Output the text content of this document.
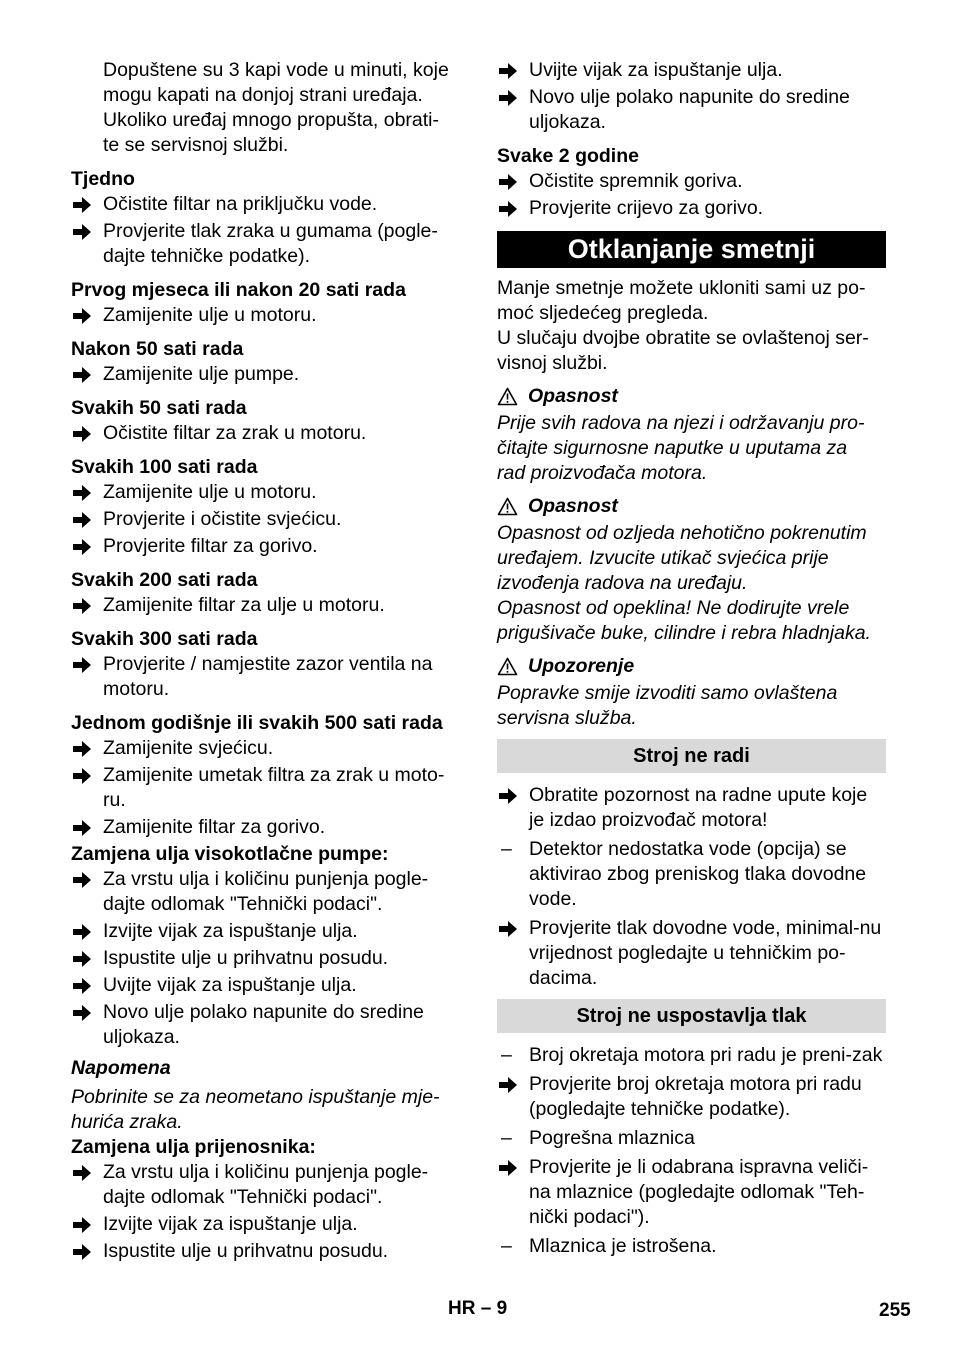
Dopuštene su 3 kapi vode u minuti, koje

mogu kapati na donjoj strani uređaja.

Ukoliko uređaj mnogo propušta, obrati-

te se servisnoj službi.

Tjedno

Očistite filtar na priključku vode.
Provjerite tlak zraka u gumama (pogle-dajte tehničke podatke).

Prvog mjeseca ili nakon 20 sati rada

Zamijenite ulje u motoru.

Nakon 50 sati rada

Zamijenite ulje pumpe.

Svakih 50 sati rada

Očistite filtar za zrak u motoru.

Svakih 100 sati rada

Zamijenite ulje u motoru.
Provjerite i očistite svjećicu.
Provjerite filtar za gorivo.

Svakih 200 sati rada

Zamijenite filtar za ulje u motoru.

Svakih 300 sati rada

Provjerite / namjestite zazor ventila na motoru.

Jednom godišnje ili svakih 500 sati rada

Zamijenite svjećicu.
Zamijenite umetak filtra za zrak u moto-ru.
Zamijenite filtar za gorivo.

Zamjena ulja visokotlačne pumpe:

Za vrstu ulja i količinu punjenja pogle-dajte odlomak "Tehnički podaci".
Izvijte vijak za ispuštanje ulja.
Ispustite ulje u prihvatnu posudu.
Uvijte vijak za ispuštanje ulja.
Novo ulje polako napunite do sredine uljokaza.

Napomena

Pobrinite se za neometano ispuštanje mje-

hurića zraka.

Zamjena ulja prijenosnika:

Za vrstu ulja i količinu punjenja pogle-dajte odlomak "Tehnički podaci".
Izvijte vijak za ispuštanje ulja.
Ispustite ulje u prihvatnu posudu.
Uvijte vijak za ispuštanje ulja.
Novo ulje polako napunite do sredine uljokaza.

Svake 2 godine

Očistite spremnik goriva.
Provjerite crijevo za gorivo.
Otklanjanje smetnji

Manje smetnje možete ukloniti sami uz po-

moć sljedećeg pregleda.

U slučaju dvojbe obratite se ovlaštenoj ser-

visnoj službi.

Opasnost

Prije svih radova na njezi i održavanju pro-

čitajte sigurnosne naputke u uputama za

rad proizvođača motora.

Opasnost

Opasnost od ozljeda nehotično pokrenutim

uređajem. Izvucite utikač svjećica prije

izvođenja radova na uređaju.

Opasnost od opeklina! Ne dodirujte vrele

prigušivače buke, cilindre i rebra hladnjaka.

Upozorenje

Popravke smije izvoditi samo ovlaštena

servisna služba.

Stroj ne radi
Obratite pozornost na radne upute koje je izdao proizvođač motora!
– Detektor nedostatka vode (opcija) se aktivirao zbog preniskog tlaka dovodne vode.
Provjerite tlak dovodne vode, minimal-nu vrijednost pogledajte u tehničkim po-dacima.
Stroj ne uspostavlja tlak
– Broj okretaja motora pri radu je preni-zak
Provjerite broj okretaja motora pri radu (pogledajte tehničke podatke).
– Pogrešna mlaznica
Provjerite je li odabrana ispravna veliči-na mlaznice (pogledajte odlomak "Teh-nički podaci").
– Mlaznica je istrošena.
HR – 9	255
